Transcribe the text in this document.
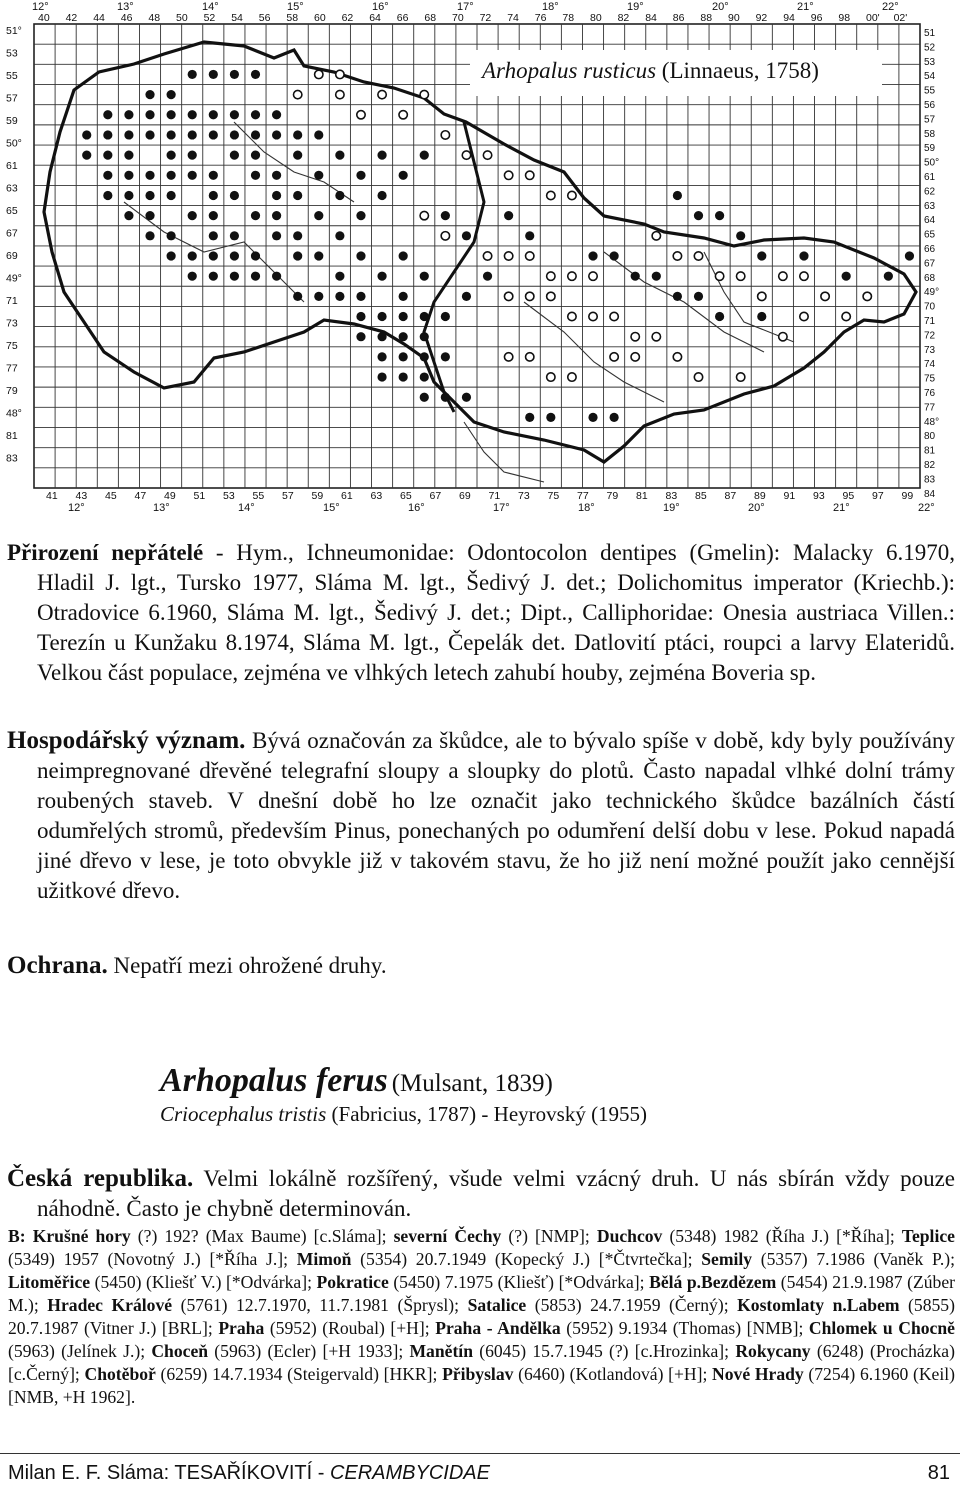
12°	13°	14°	15°	16°	17°	18°	19°	20°	21°	22°
40 42 44 46 48 50 52 54 56 58 60 62 64 66 68 70 72 74 76 78 80 82 84 86 88 90 92 94 96 98 00' 02'
41 43 45 47 49 51 53 55 57 59 61 63 65 67 69 71 73 75 77 79 81 83 85 87 89 91 93 95 97 99
12°	13°	14°	15°	16°	17°	18°	19°	20°	21°	22°
51°
53
55
57
59
50°
61
63
65
67
69
49°
71
73
75
77
79
48°
81
83
51
52
53
54
55
56
57
58
59
50°
61
62
63
64
65
66
67
68
49°
70
71
72
73
74
75
76
77
48°
80
81
82
83
84
Arhopalus rusticus (Linnaeus, 1758)

Přirození nepřátelé - Hym., Ichneumonidae: Odontocolon dentipes (Gmelin): Malacky 6.1970, Hladil J. lgt., Tursko 1977, Sláma M. lgt., Šedivý J. det.; Dolichomitus imperator (Kriechb.): Otradovice 6.1960, Sláma M. lgt., Šedivý J. det.; Dipt., Calliphoridae: Onesia austriaca Villen.: Terezín u Kunžaku 8.1974, Sláma M. lgt., Čepelák det. Datlovití ptáci, roupci a larvy Elateridů. Velkou část populace, zejména ve vlhkých letech zahubí houby, zejména Boveria sp.

Hospodářský význam. Bývá označován za škůdce, ale to bývalo spíše v době, kdy byly používány neimpregnované dřevěné telegrafní sloupy a sloupky do plotů. Často napadal vlhké dolní trámy roubených staveb. V dnešní době ho lze označit jako technického škůdce bazálních částí odumřelých stromů, především Pinus, ponechaných po odumření delší dobu v lese. Pokud napadá jiné dřevo v lese, je toto obvykle již v takovém stavu, že ho již není možné použít jako cennější užitkové dřevo.

Ochrana. Nepatří mezi ohrožené druhy.

Arhopalus ferus (Mulsant, 1839)
Criocephalus tristis (Fabricius, 1787) - Heyrovský (1955)

Česká republika. Velmi lokálně rozšířený, všude velmi vzácný druh. U nás sbírán vždy pouze náhodně. Často je chybně determinován.

B: Krušné hory (?) 192? (Max Baume) [c.Sláma]; severní Čechy (?) [NMP]; Duchcov (5348) 1982 (Říha J.) [*Říha]; Teplice (5349) 1957 (Novotný J.) [*Říha J.]; Mimoň (5354) 20.7.1949 (Kopecký J.) [*Čtvrtečka]; Semily (5357) 7.1986 (Vaněk P.); Litoměřice (5450) (Kliešť V.) [*Odvárka]; Pokratice (5450) 7.1975 (Kliešť) [*Odvárka]; Bělá p.Bezdězem (5454) 21.9.1987 (Zúber M.); Hradec Králové (5761) 12.7.1970, 11.7.1981 (Šprysl); Satalice (5853) 24.7.1959 (Černý); Kostomlaty n.Labem (5855) 20.7.1987 (Vitner J.) [BRL]; Praha (5952) (Roubal) [+H]; Praha - Andělka (5952) 9.1934 (Thomas) [NMB]; Chlomek u Chocně (5963) (Jelínek J.); Choceň (5963) (Ecler) [+H 1933]; Manětín (6045) 15.7.1945 (?) [c.Hrozinka]; Rokycany (6248) (Procházka) [c.Černý]; Chotěboř (6259) 14.7.1934 (Steigervald) [HKR]; Přibyslav (6460) (Kotlandová) [+H]; Nové Hrady (7254) 6.1960 (Keil) [NMB, +H 1962].

Milan E. F. Sláma: TESAŘÍKOVITÍ - CERAMBYCIDAE	81
